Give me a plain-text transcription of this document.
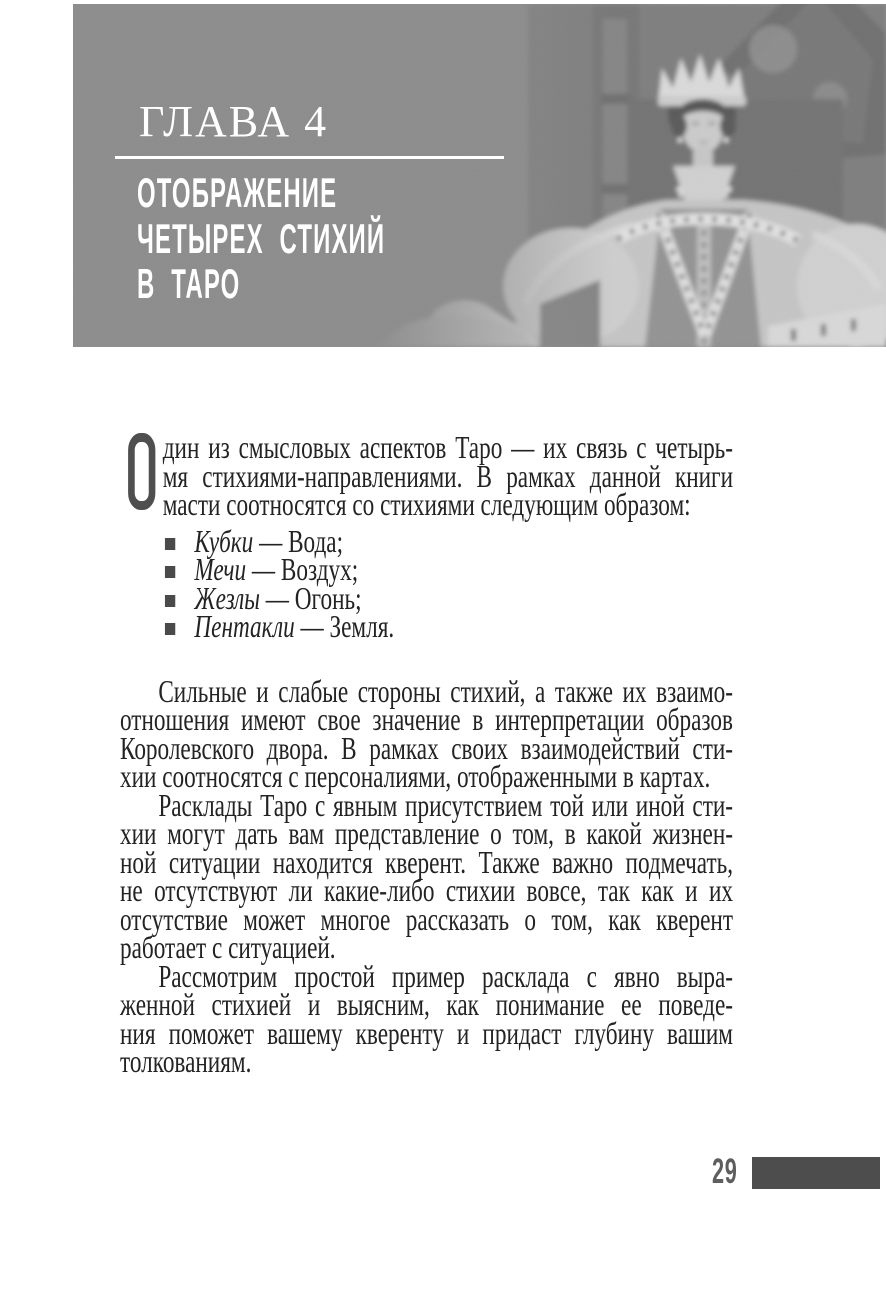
ГЛАВА 4
ОТОБРАЖЕНИЕ
ЧЕТЫРЕХ СТИХИЙ
В ТАРО
дин из смысловых аспектов Таро — их связь с четырь-
мя стихиями-направлениями. В рамках данной книги
масти соотносятся со стихиями следующим образом:
Кубки — Вода;
Мечи — Воздух;
Жезлы — Огонь;
Пентакли — Земля.
Сильные и слабые стороны стихий, а также их взаимо-
отношения имеют свое значение в интерпретации образов
Королевского двора. В рамках своих взаимодействий сти-
хии соотносятся с персоналиями, отображенными в картах.
Расклады Таро с явным присутствием той или иной сти-
хии могут дать вам представление о том, в какой жизнен-
ной ситуации находится кверент. Также важно подмечать,
не отсутствуют ли какие-либо стихии вовсе, так как и их
отсутствие может многое рассказать о том, как кверент
работает с ситуацией.
Рассмотрим простой пример расклада с явно выра-
женной стихией и выясним, как понимание ее поведе-
ния поможет вашему кверенту и придаст глубину вашим
толкованиям.
29
